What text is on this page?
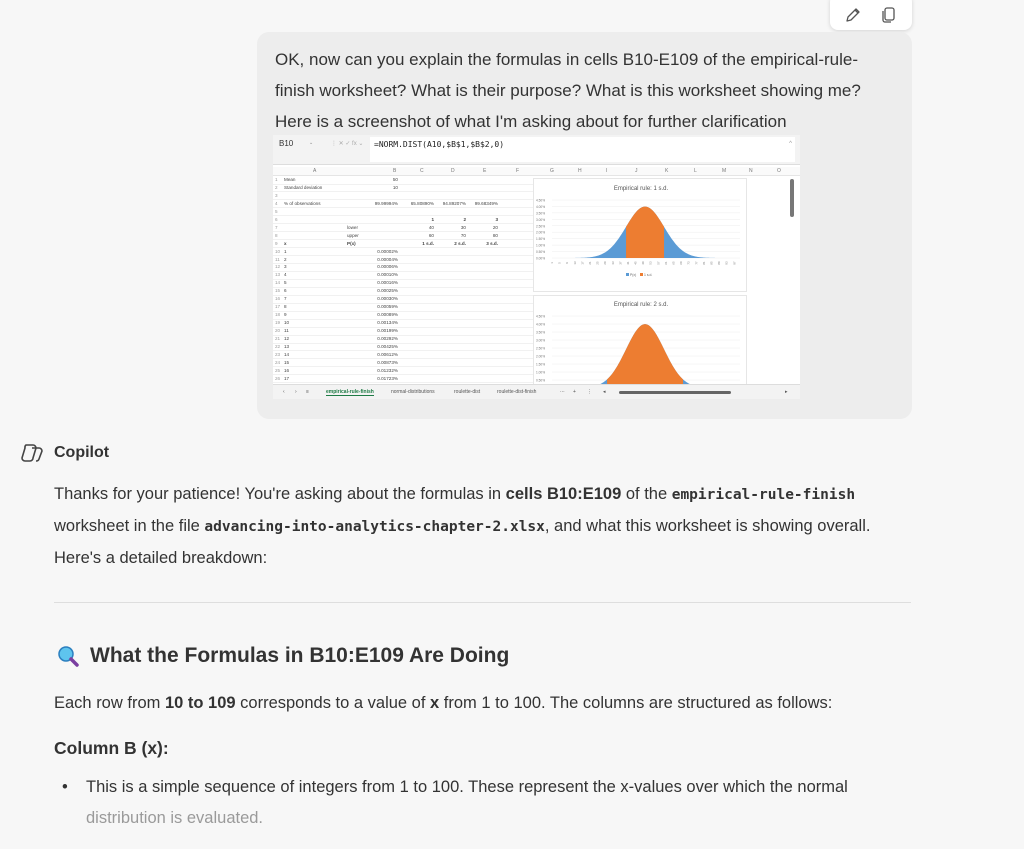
OK, now can you explain the formulas in cells B10-E109 of the empirical-rule-finish worksheet? What is their purpose? What is this worksheet showing me? Here is a screenshot of what I'm asking about for further clarification
B10	⌄	⋮ ✕ ✓ fx ⌄	=NORM.DIST(A10,$B$1,$B$2,0)	^
A	B	C	D	E	F	G	H	I	J	K	L	M	N	O
1 Mean	50
2 Standard deviation	10
3
4 % of observations	99.99994%	65.80890% 94.89207% 99.68349%
5
6	1	2	3
7	lower	40	30	20
8	upper	60	70	80
9 x	P(x)	1 s.d.	2 s.d.	3 s.d.
10 1	0.00002%
11 2	0.00004%
12 3	0.00006%
13 4	0.00010%
14 5	0.00016%
15 6	0.00025%
16 7	0.00030%
17 8	0.00059%
18 9	0.00089%
19 10	0.00134%
20 11	0.00199%
21 12	0.00292%
22 13	0.00425%
23 14	0.00612%
24 15	0.00873%
25 16	0.01232%
26 17	0.01723%
Empirical rule: 1 s.d.
4.50%
4.00%
3.50%
3.00%
2.50%
2.00%
1.50%
1.00%
0.50%
0.00%
1 5 9 13 17 21 25 29 33 37 41 45 49 53 57 61 65 69 73 77 81 85 89 93 97
P(x) 1 s.d.
Empirical rule: 2 s.d.
4.50%
4.00%
3.50%
3.00%
2.50%
2.00%
1.50%
1.00%
0.50%
‹ › ≡	empirical-rule-finish	normal-distributions	roulette-dist	roulette-dist-finish	⋯ + ⋮ ◂	▸
Copilot
Thanks for your patience! You're asking about the formulas in cells B10:E109 of the empirical-rule-finish worksheet in the file advancing-into-analytics-chapter-2.xlsx, and what this worksheet is showing overall. Here's a detailed breakdown:
What the Formulas in B10:E109 Are Doing
Each row from 10 to 109 corresponds to a value of x from 1 to 100. The columns are structured as follows:
Column B (x):
•	This is a simple sequence of integers from 1 to 100. These represent the x-values over which the normal distribution is evaluated.
